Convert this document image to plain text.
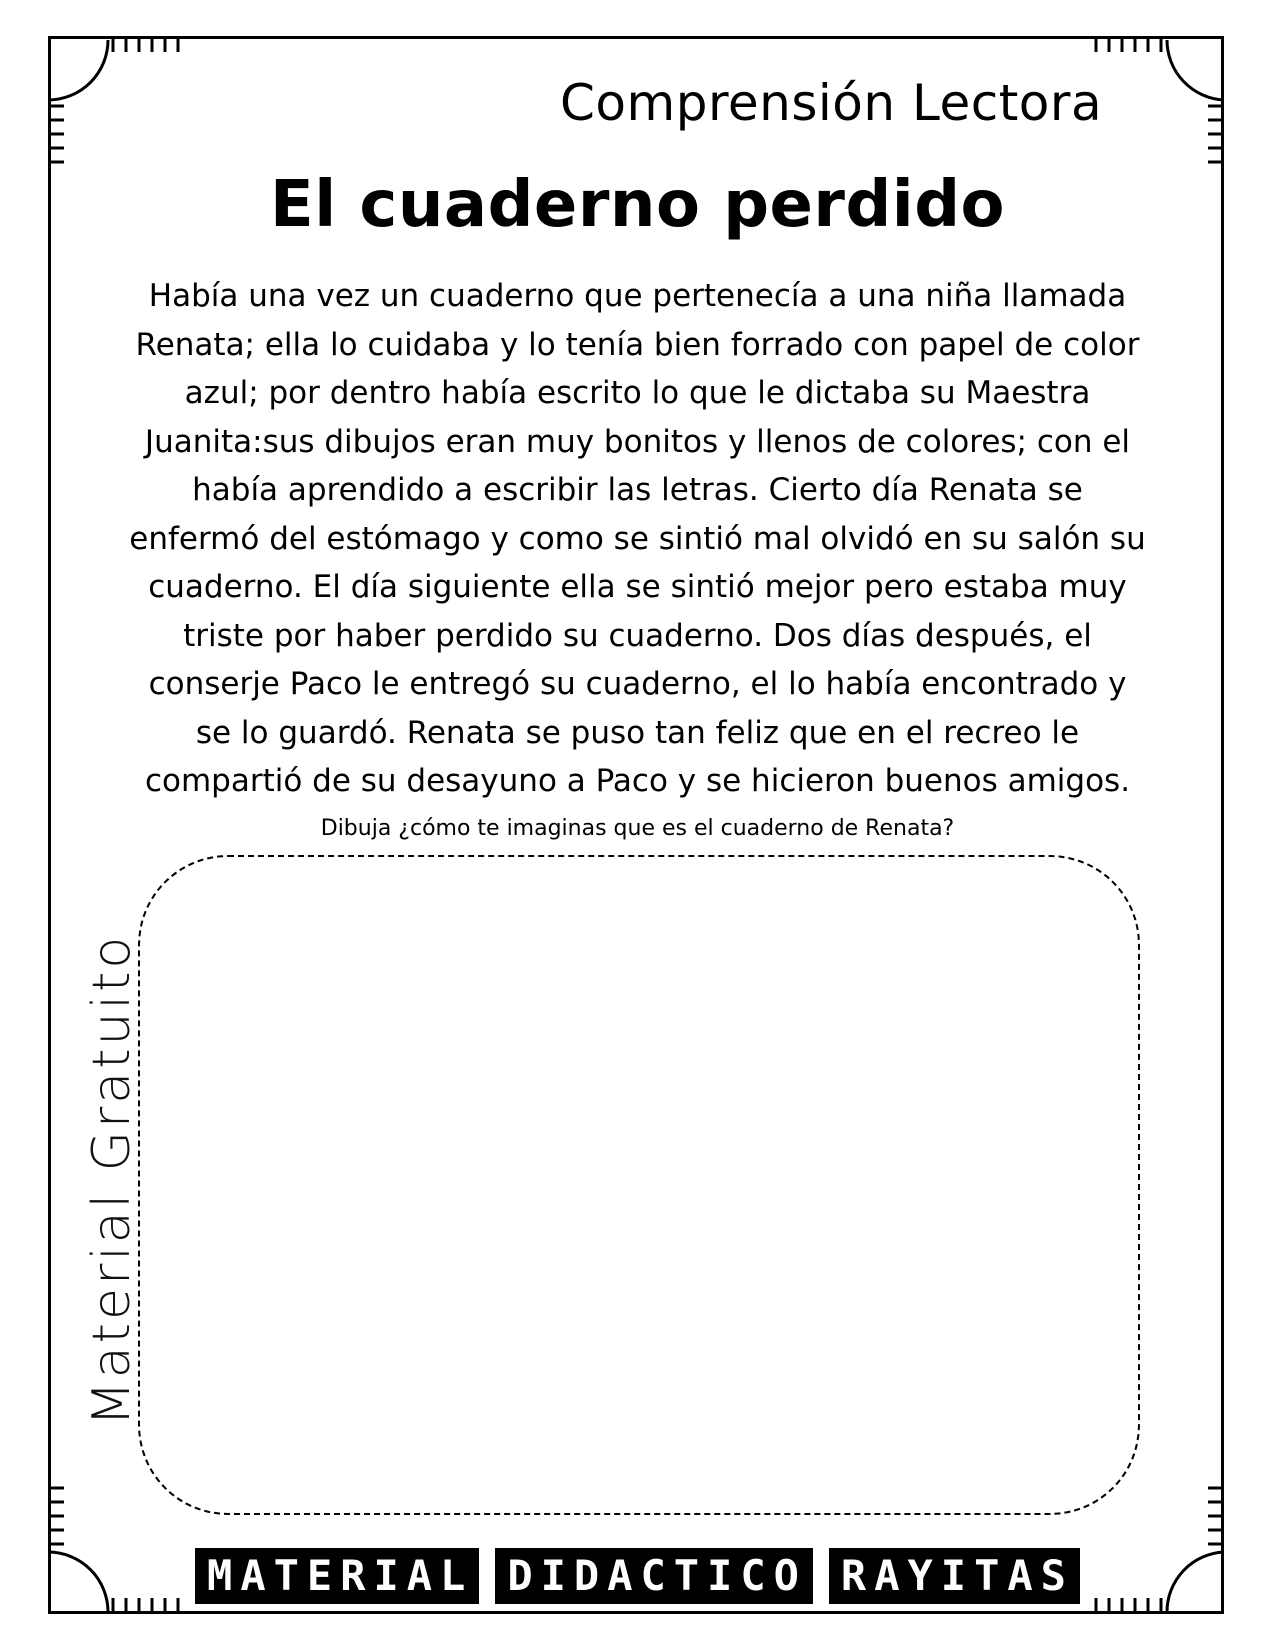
Comprensión Lectora
El cuaderno perdido

Había una vez un cuaderno que pertenecía a una niña llamada

Renata; ella lo cuidaba y lo tenía bien forrado con papel de color

azul; por dentro había escrito lo que le dictaba su Maestra

Juanita:sus dibujos eran muy bonitos y llenos de colores; con el

había aprendido a escribir las letras. Cierto día Renata se

enfermó del estómago y como se sintió mal olvidó en su salón su

cuaderno. El día siguiente ella se sintió mejor pero estaba muy

triste por haber perdido su cuaderno. Dos días después, el

conserje Paco le entregó su cuaderno, el lo había encontrado y

se lo guardó. Renata se puso tan feliz que en el recreo le

compartió de su desayuno a Paco y se hicieron buenos amigos.

Dibuja ¿cómo te imaginas que es el cuaderno de Renata?
Material Gratuito
MATERIAL DIDACTICO RAYITAS
